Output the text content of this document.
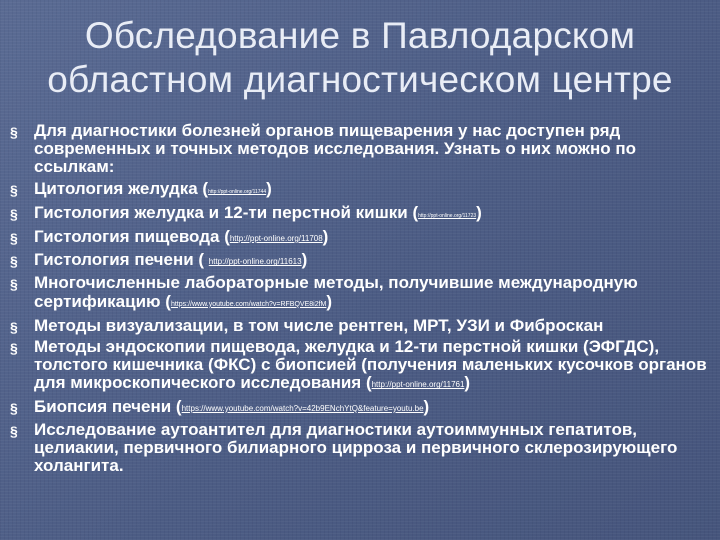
Обследование в Павлодарском
областном диагностическом центре
§ Для диагностики болезней органов пищеварения у нас доступен ряд современных и точных методов исследования. Узнать о них можно по ссылкам:
§ Цитология желудка (http://ppt-online.org/11744)
§ Гистология желудка и 12-ти перстной кишки (http://ppt-online.org/11723)
§ Гистология пищевода (http://ppt-online.org/11708)
§ Гистология печени ( http://ppt-online.org/11613)
§ Многочисленные лабораторные методы, получившие международную сертификацию (https://www.youtube.com/watch?v=RFBQVE8i2fM)
§ Методы визуализации, в том числе рентген, МРТ, УЗИ и Фиброскан
§ Методы эндоскопии пищевода, желудка и 12-ти перстной кишки (ЭФГДС), толстого кишечника (ФКС) с биопсией (получения маленьких кусочков органов для микроскопического исследования (http://ppt-online.org/11761)
§ Биопсия печени (https://www.youtube.com/watch?v=42b9ENchYtQ&feature=youtu.be)
§ Исследование аутоантител для диагностики аутоиммунных гепатитов, целиакии, первичного билиарного цирроза и первичного склерозирующего холангита.
